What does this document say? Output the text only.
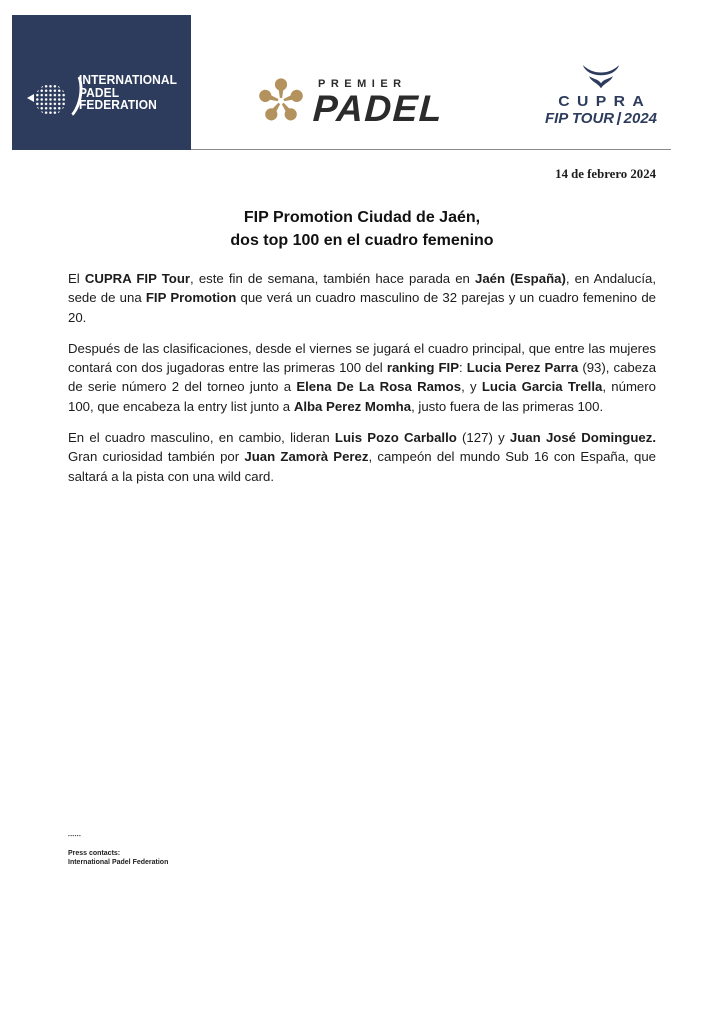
INTERNATIONAL
PADEL
FEDERATION
PREMIER
PADEL	CUPRA
FIP TOUR 2024
14 de febrero 2024
FIP Promotion Ciudad de Jaén,
dos top 100 en el cuadro femenino

El CUPRA FIP Tour, este fin de semana, también hace parada en Jaén (España), en Andalucía, sede de una FIP Promotion que verá un cuadro masculino de 32 parejas y un cuadro femenino de 20.

Después de las clasificaciones, desde el viernes se jugará el cuadro principal, que entre las mujeres contará con dos jugadoras entre las primeras 100 del ranking FIP: Lucia Perez Parra (93), cabeza de serie número 2 del torneo junto a Elena De La Rosa Ramos, y Lucia Garcia Trella, número 100, que encabeza la entry list junto a Alba Perez Momha, justo fuera de las primeras 100.

En el cuadro masculino, en cambio, lideran Luis Pozo Carballo (127) y Juan José Dominguez. Gran curiosidad también por Juan Zamorà Perez, campeón del mundo Sub 16 con España, que saltará a la pista con una wild card.

▪▪▪▪▪▪
Press contacts:
International Padel Federation
